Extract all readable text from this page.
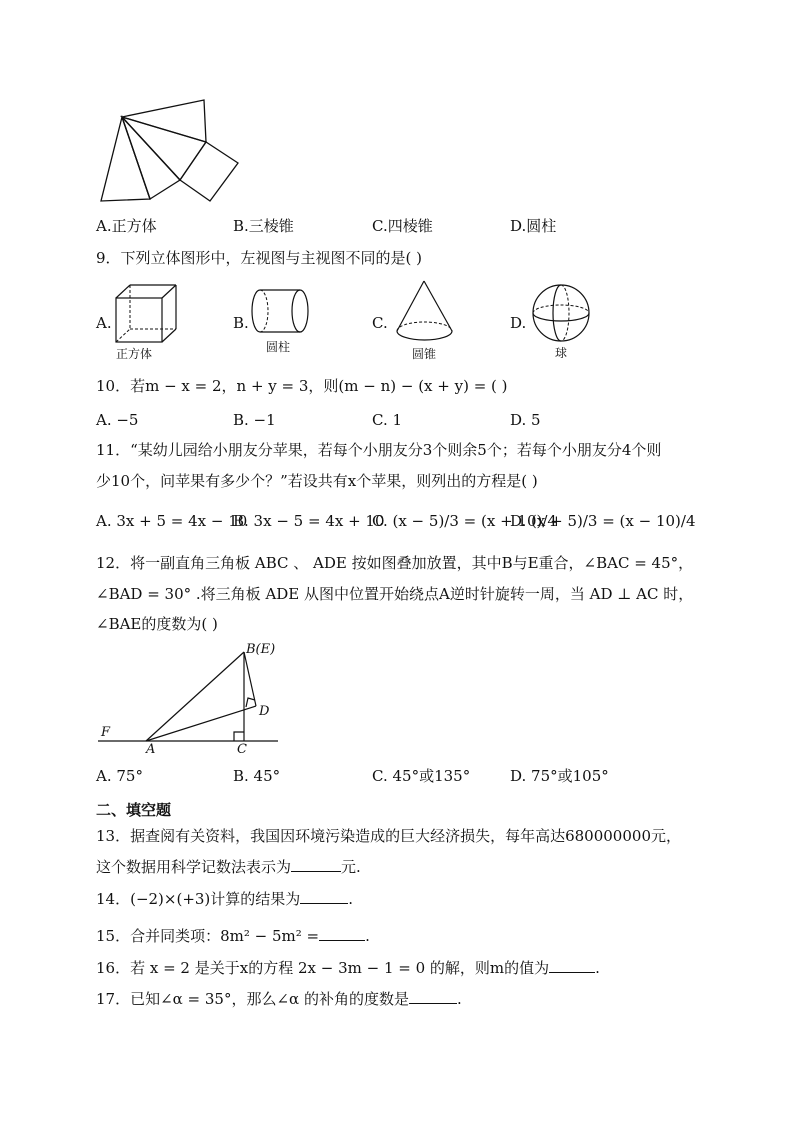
A.正方体	B.三棱锥	C.四棱锥	D.圆柱
9．下列立体图形中，左视图与主视图不同的是( )
A.	B.	C.	D.
正方体	圆柱	圆锥	球
10．若m − x = 2，n + y = 3，则(m − n) − (x + y) = ( )
A. −5	B. −1	C. 1	D. 5
11．“某幼儿园给小朋友分苹果，若每个小朋友分3个则余5个；若每个小朋友分4个则
少10个，问苹果有多少个？”若设共有x个苹果，则列出的方程是( )
A. 3x + 5 = 4x − 10
B. 3x − 5 = 4x + 10
C. (x − 5)/3 = (x + 10)/4
D. (x + 5)/3 = (x − 10)/4
12．将一副直角三角板 ABC 、 ADE 按如图叠加放置，其中B与E重合，∠BAC = 45°，
∠BAD = 30° .将三角板 ADE 从图中位置开始绕点A逆时针旋转一周，当 AD ⊥ AC 时，
∠BAE的度数为( )
B(E)
D
F
A	C
A. 75°	B. 45°	C. 45°或135°	D. 75°或105°
二、填空题
13．据查阅有关资料，我国因环境污染造成的巨大经济损失，每年高达680000000元，
这个数据用科学记数法表示为	元.
14．(−2)×(+3)计算的结果为	.
15．合并同类项：8m² − 5m² =	.
16．若 x = 2 是关于x的方程 2x − 3m − 1 = 0 的解，则m的值为	.
17．已知∠α = 35°，那么∠α 的补角的度数是	.
